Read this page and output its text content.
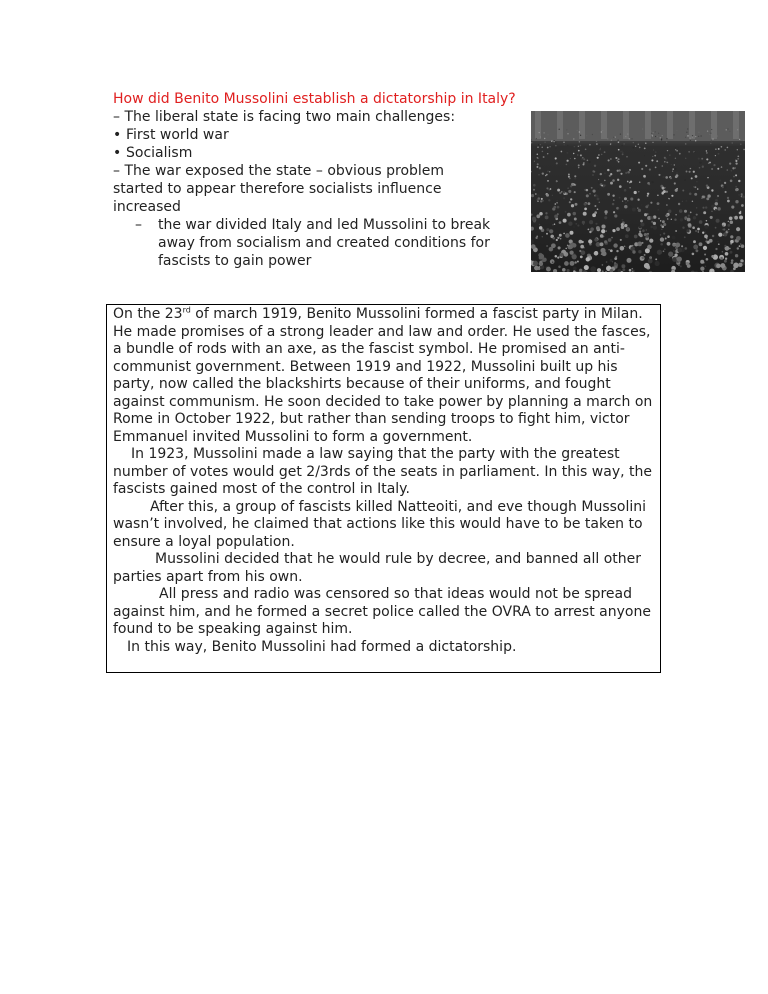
How did Benito Mussolini establish a dictatorship in Italy?
– The liberal state is facing two main challenges:
• First world war
• Socialism
– The war exposed the state – obvious problem started to appear therefore socialists influence increased
– the war divided Italy and led Mussolini to break away from socialism and created conditions for fascists to gain power

On the 23rd of march 1919, Benito Mussolini formed a fascist party in Milan. He made promises of a strong leader and law and order. He used the fasces, a bundle of rods with an axe, as the fascist symbol. He promised an anti-communist government. Between 1919 and 1922, Mussolini built up his party, now called the blackshirts because of their uniforms, and fought against communism. He soon decided to take power by planning a march on Rome in October 1922, but rather than sending troops to fight him, victor Emmanuel invited Mussolini to form a government.

In 1923, Mussolini made a law saying that the party with the greatest number of votes would get 2/3rds of the seats in parliament. In this way, the fascists gained most of the control in Italy.

After this, a group of fascists killed Natteoiti, and eve though Mussolini wasn’t involved, he claimed that actions like this would have to be taken to ensure a loyal population.

Mussolini decided that he would rule by decree, and banned all other parties apart from his own.

All press and radio was censored so that ideas would not be spread against him, and he formed a secret police called the OVRA to arrest anyone found to be speaking against him.

In this way, Benito Mussolini had formed a dictatorship.
